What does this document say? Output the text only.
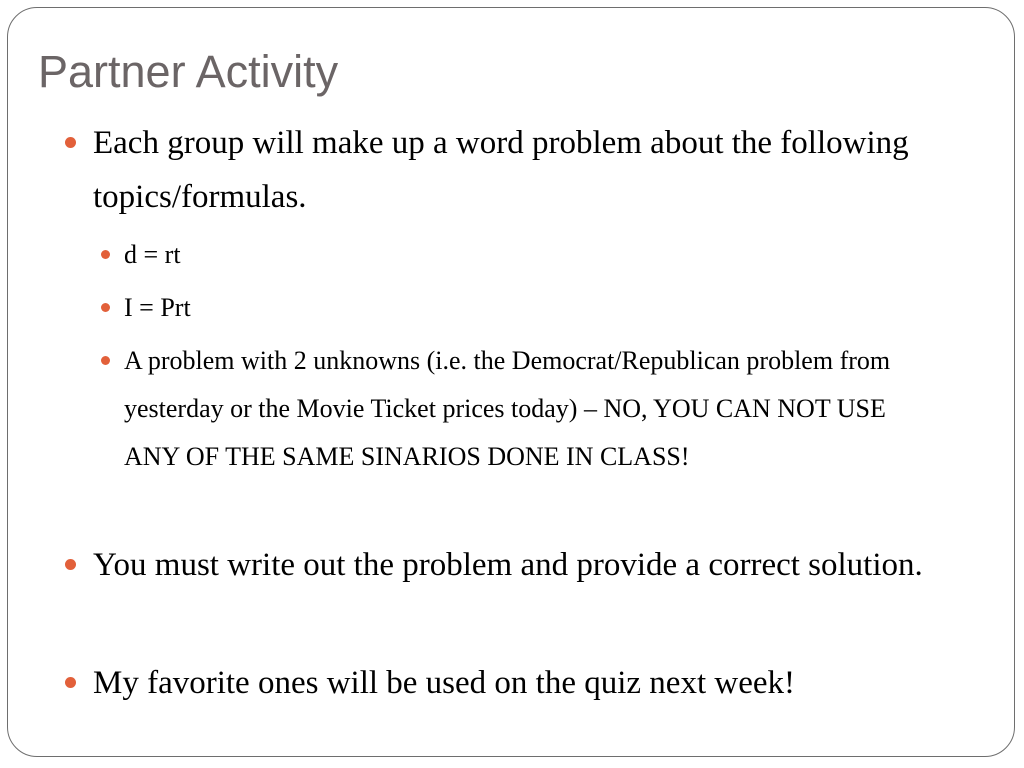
Partner Activity
Each group will make up a word problem about the following topics/formulas.
d = rt
I = Prt
A problem with 2 unknowns (i.e. the Democrat/Republican problem from yesterday or the Movie Ticket prices today) – NO, YOU CAN NOT USE ANY OF THE SAME SINARIOS DONE IN CLASS!
You must write out the problem and provide a correct solution.
My favorite ones will be used on the quiz next week!
